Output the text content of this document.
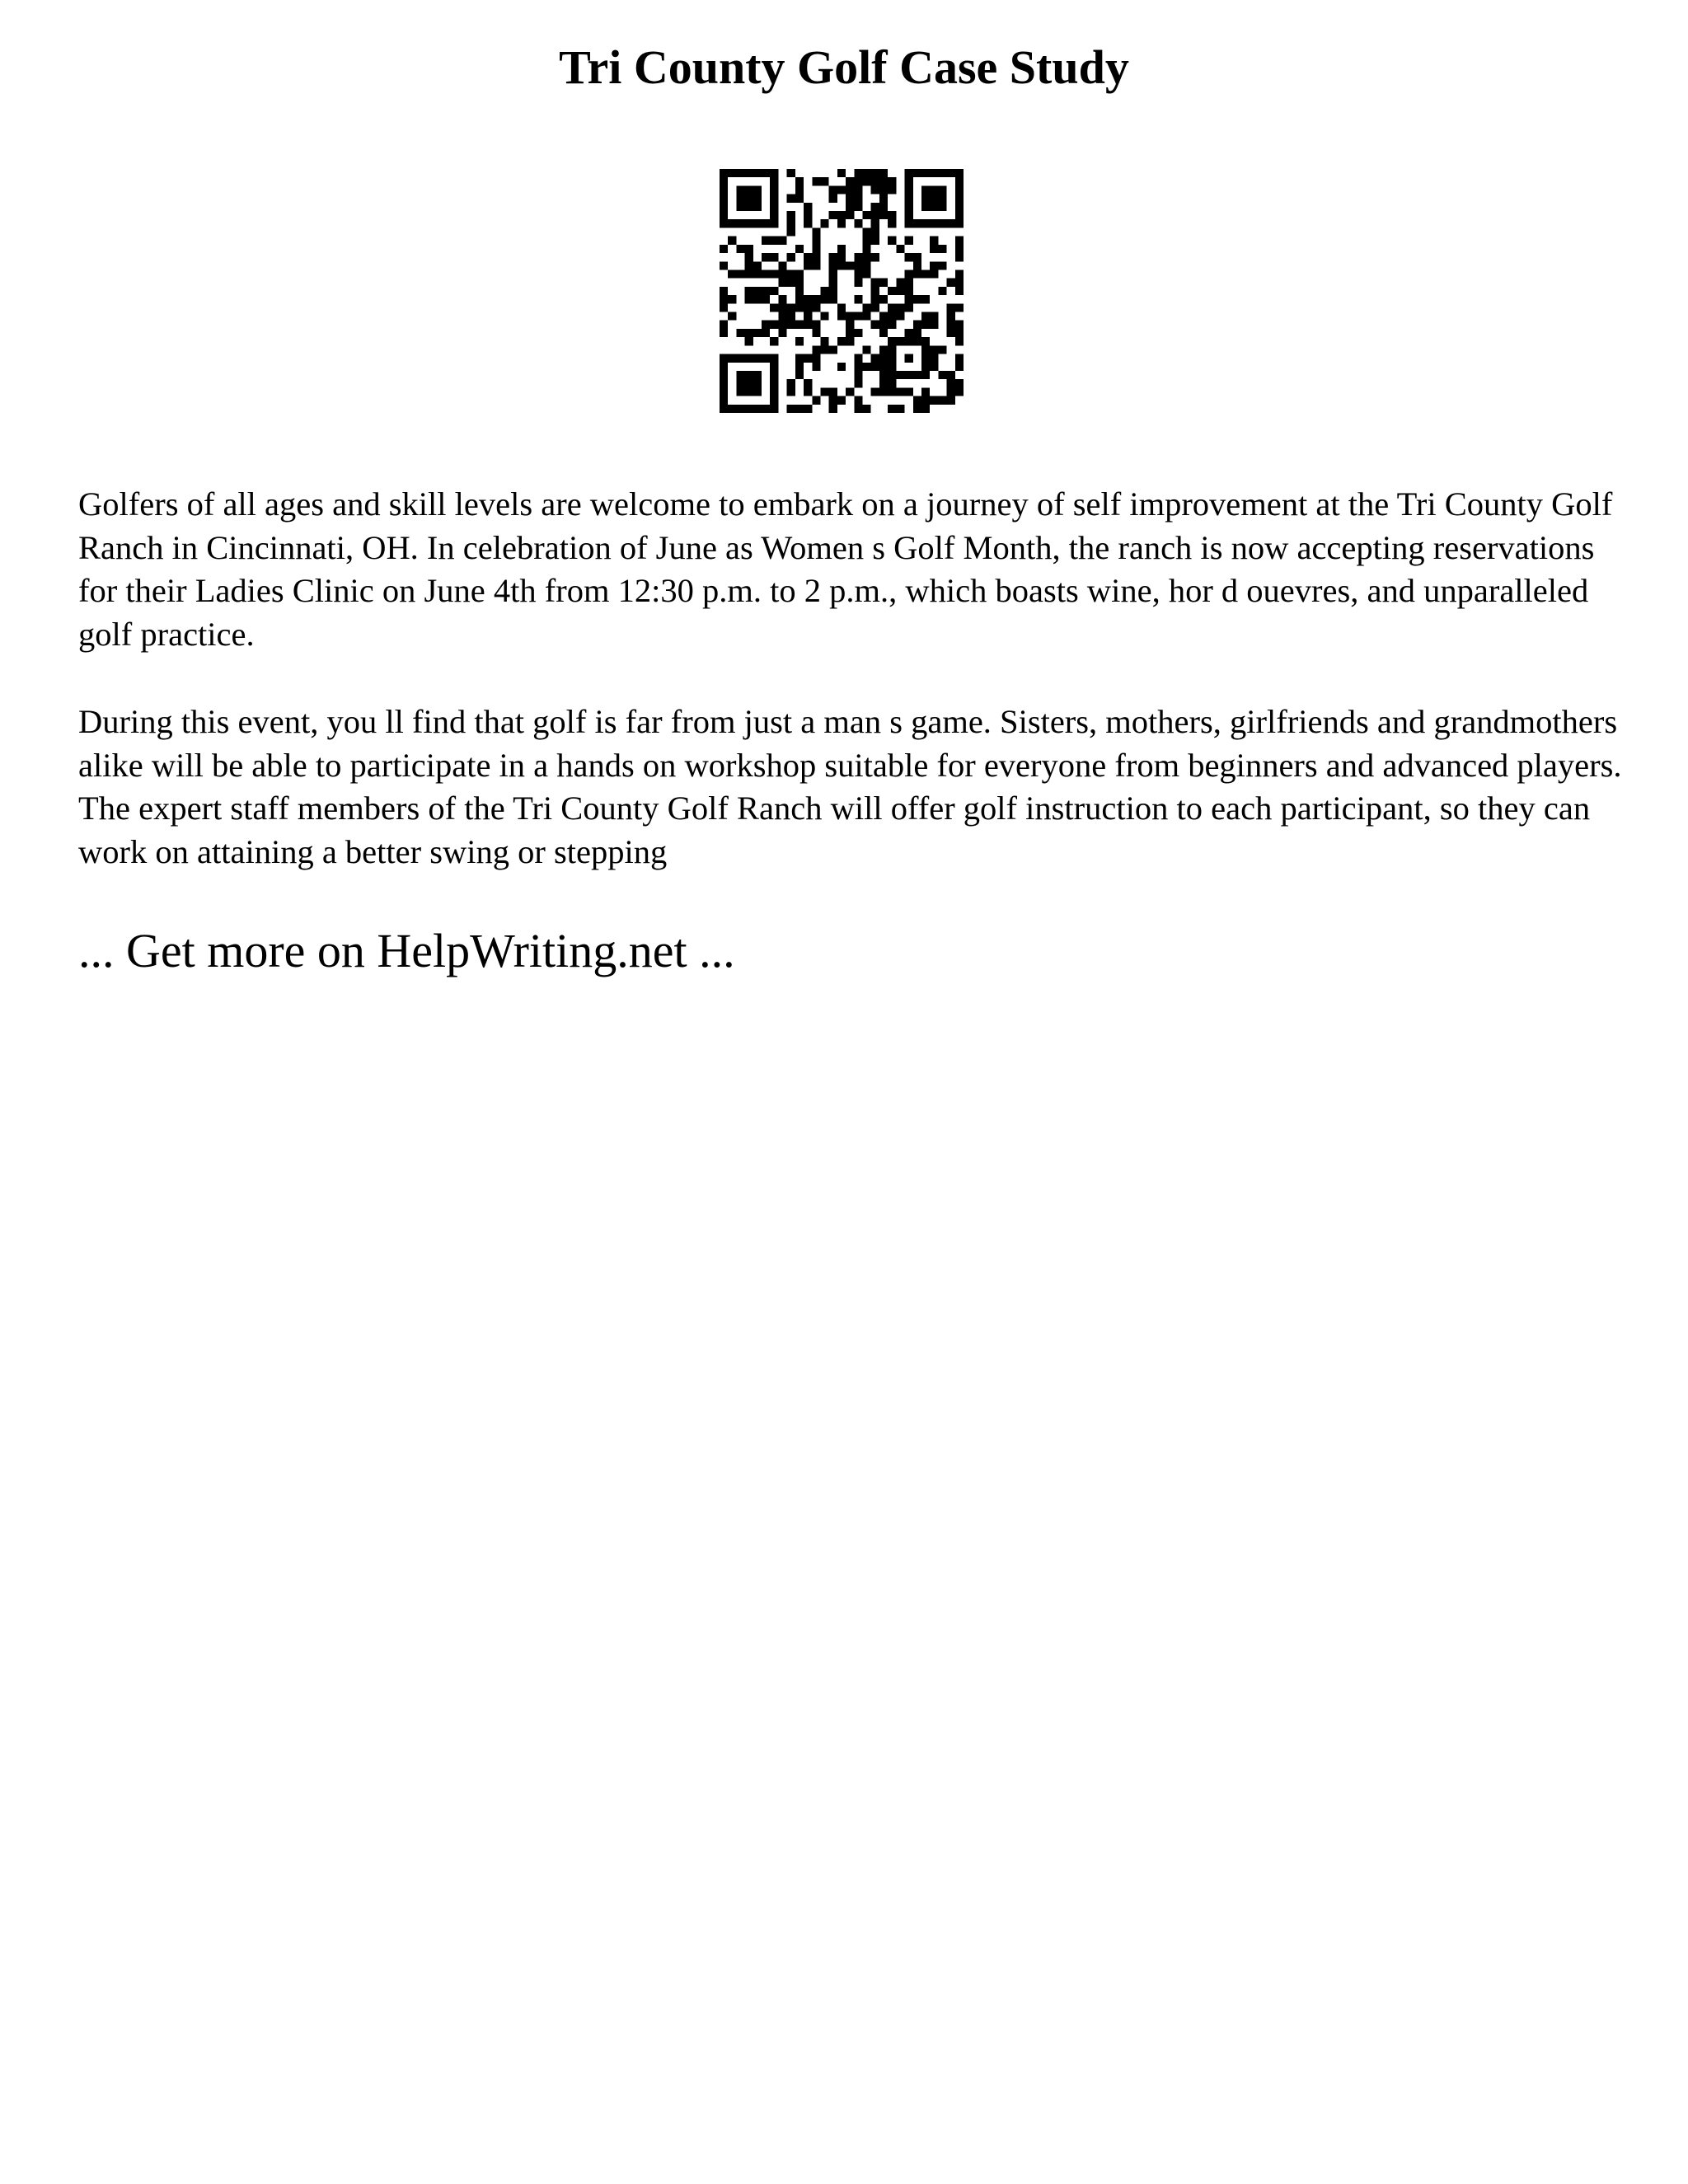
Tri County Golf Case Study

Golfers of all ages and skill levels are welcome to embark on a journey of self improvement at the Tri County Golf Ranch in Cincinnati, OH. In celebration of June as Women s Golf Month, the ranch is now accepting reservations for their Ladies Clinic on June 4th from 12:30 p.m. to 2 p.m., which boasts wine, hor d ouevres, and unparalleled golf practice.

During this event, you ll find that golf is far from just a man s game. Sisters, mothers, girlfriends and grandmothers alike will be able to participate in a hands on workshop suitable for everyone from beginners and advanced players. The expert staff members of the Tri County Golf Ranch will offer golf instruction to each participant, so they can work on attaining a better swing or stepping

... Get more on HelpWriting.net ...
